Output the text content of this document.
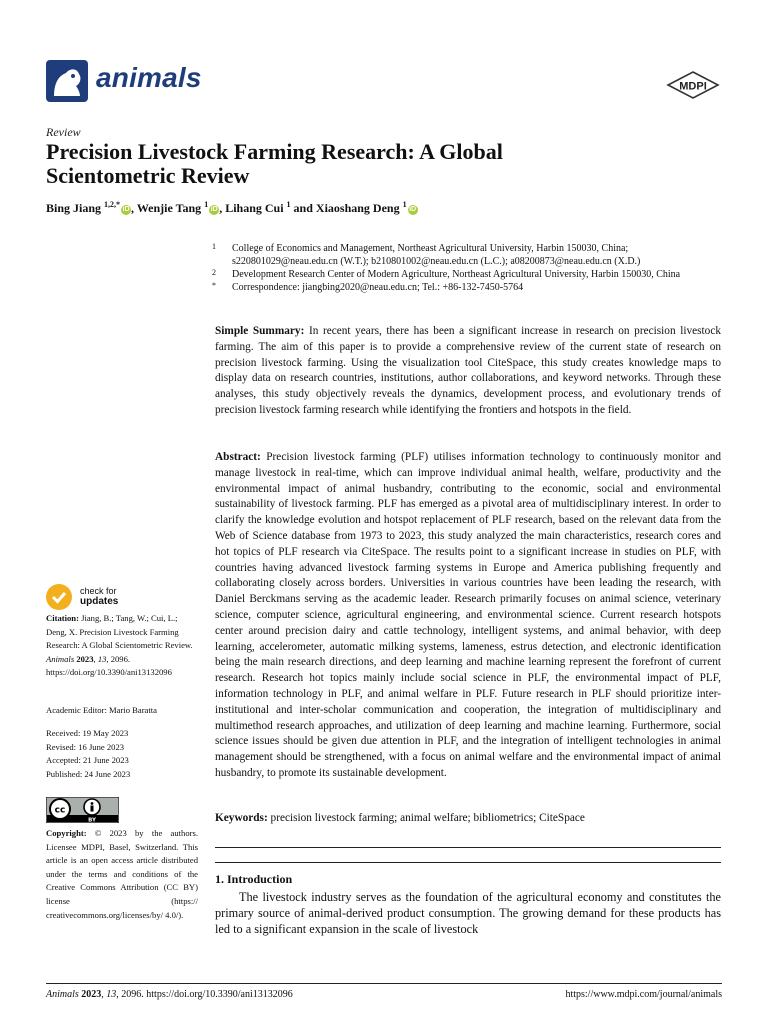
animals	MDPI
Review
Precision Livestock Farming Research: A Global Scientometric Review
Bing Jiang $^{1,2,*}$iD , Wenjie Tang $^1$iD , Lihang Cui $^1$ and Xiaoshang Deng $^1$iD
1 College of Economics and Management, Northeast Agricultural University, Harbin 150030, China; s220801029@neau.edu.cn (W.T.); b210801002@neau.edu.cn (L.C.); a08200873@neau.edu.cn (X.D.)
2 Development Research Center of Modern Agriculture, Northeast Agricultural University, Harbin 150030, China
* Correspondence: jiangbing2020@neau.edu.cn; Tel.: +86-132-7450-5764
Simple Summary: In recent years, there has been a significant increase in research on precision livestock farming. The aim of this paper is to provide a comprehensive review of the current state of research on precision livestock farming. Using the visualization tool CiteSpace, this study creates knowledge maps to display data on research countries, institutions, author collaborations, and keyword networks. Through these analyses, this study objectively reveals the dynamics, development process, and evolutionary trends of precision livestock farming research while identifying the frontiers and hotspots in the field.
Abstract: Precision livestock farming (PLF) utilises information technology to continuously monitor and manage livestock in real-time, which can improve individual animal health, welfare, productivity and the environmental impact of animal husbandry, contributing to the economic, social and environmental sustainability of livestock farming. PLF has emerged as a pivotal area of multidisciplinary interest. In order to clarify the knowledge evolution and hotspot replacement of PLF research, based on the relevant data from the Web of Science database from 1973 to 2023, this study analyzed the main characteristics, research cores and hot topics of PLF research via CiteSpace. The results point to a significant increase in studies on PLF, with countries having advanced livestock farming systems in Europe and America publishing frequently and collaborating closely across borders. Universities in various countries have been leading the research, with Daniel Berckmans serving as the academic leader. Research primarily focuses on animal science, veterinary science, computer science, agricultural engineering, and environmental science. Current research hotspots center around precision dairy and cattle technology, intelligent systems, and animal behavior, with deep learning, accelerometer, automatic milking systems, lameness, estrus detection, and electronic identification being the main research directions, and deep learning and machine learning represent the forefront of current research. Research hot topics mainly include social science in PLF, the environmental impact of PLF, information technology in PLF, and animal welfare in PLF. Future research in PLF should prioritize inter-institutional and inter-scholar communication and cooperation, the integration of multidisciplinary and multimethod research approaches, and utilization of deep learning and machine learning. Furthermore, social science issues should be given due attention in PLF, and the integration of intelligent technologies in animal management should be strengthened, with a focus on animal welfare and the environmental impact of animal husbandry, to promote its sustainable development.
Keywords: precision livestock farming; animal welfare; bibliometrics; CiteSpace
1. Introduction
The livestock industry serves as the foundation of the agricultural economy and constitutes the primary source of animal-derived product consumption. The growing demand for these products has led to a significant expansion in the scale of livestock
check for
updates
Citation: Jiang, B.; Tang, W.; Cui, L.; Deng, X. Precision Livestock Farming Research: A Global Scientometric Review. Animals 2023, 13, 2096. https://doi.org/10.3390/ani13132096
Academic Editor: Mario Baratta
Received: 19 May 2023
Revised: 16 June 2023
Accepted: 21 June 2023
Published: 24 June 2023
cc
BY
Copyright: © 2023 by the authors. Licensee MDPI, Basel, Switzerland. This article is an open access article distributed under the terms and conditions of the Creative Commons Attribution (CC BY) license (https:// creativecommons.org/licenses/by/ 4.0/).
Animals 2023, 13, 2096. https://doi.org/10.3390/ani13132096	https://www.mdpi.com/journal/animals
